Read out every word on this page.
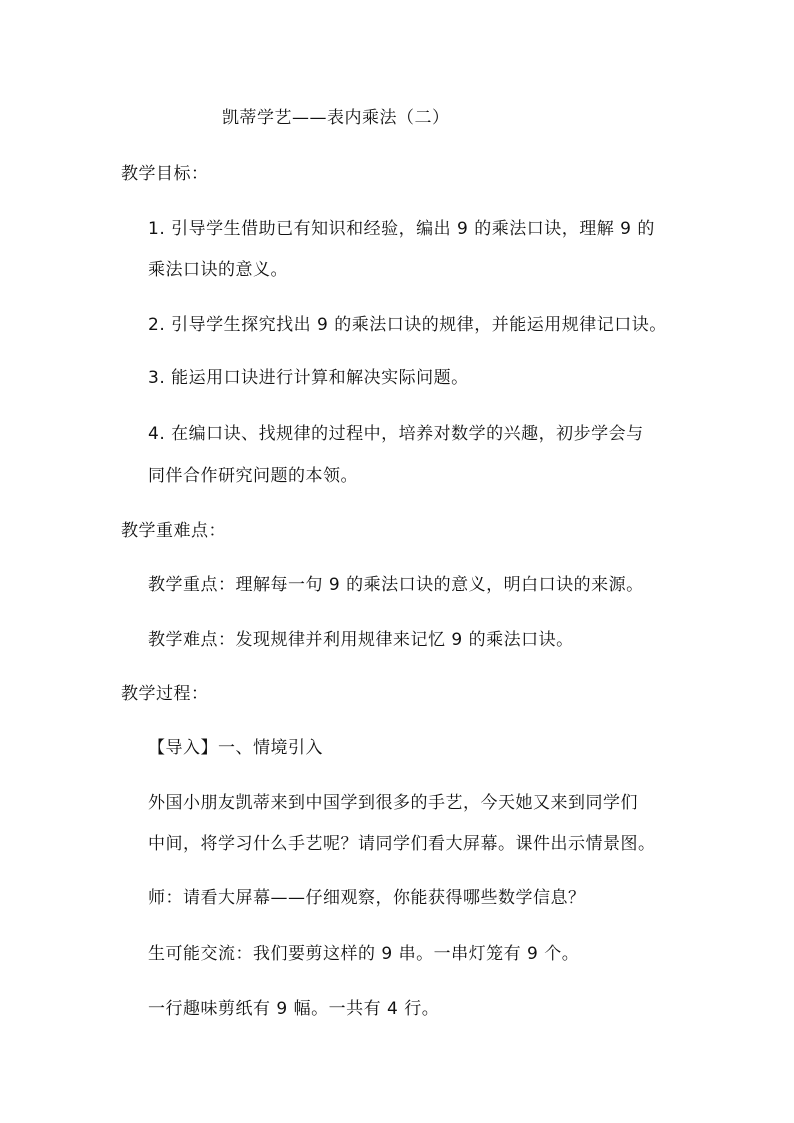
凯蒂学艺——表内乘法（二）
教学目标：
1. 引导学生借助已有知识和经验，编出 9 的乘法口诀，理解 9 的
乘法口诀的意义。
2. 引导学生探究找出 9 的乘法口诀的规律，并能运用规律记口诀。
3. 能运用口诀进行计算和解决实际问题。
4. 在编口诀、找规律的过程中，培养对数学的兴趣，初步学会与
同伴合作研究问题的本领。
教学重难点：
教学重点：理解每一句 9 的乘法口诀的意义，明白口诀的来源。
教学难点：发现规律并利用规律来记忆 9 的乘法口诀。
教学过程：
【导入】一、情境引入
外国小朋友凯蒂来到中国学到很多的手艺，今天她又来到同学们
中间，将学习什么手艺呢？请同学们看大屏幕。课件出示情景图。
师：请看大屏幕——仔细观察，你能获得哪些数学信息？
生可能交流：我们要剪这样的 9 串。一串灯笼有 9 个。
一行趣味剪纸有 9 幅。一共有 4 行。
